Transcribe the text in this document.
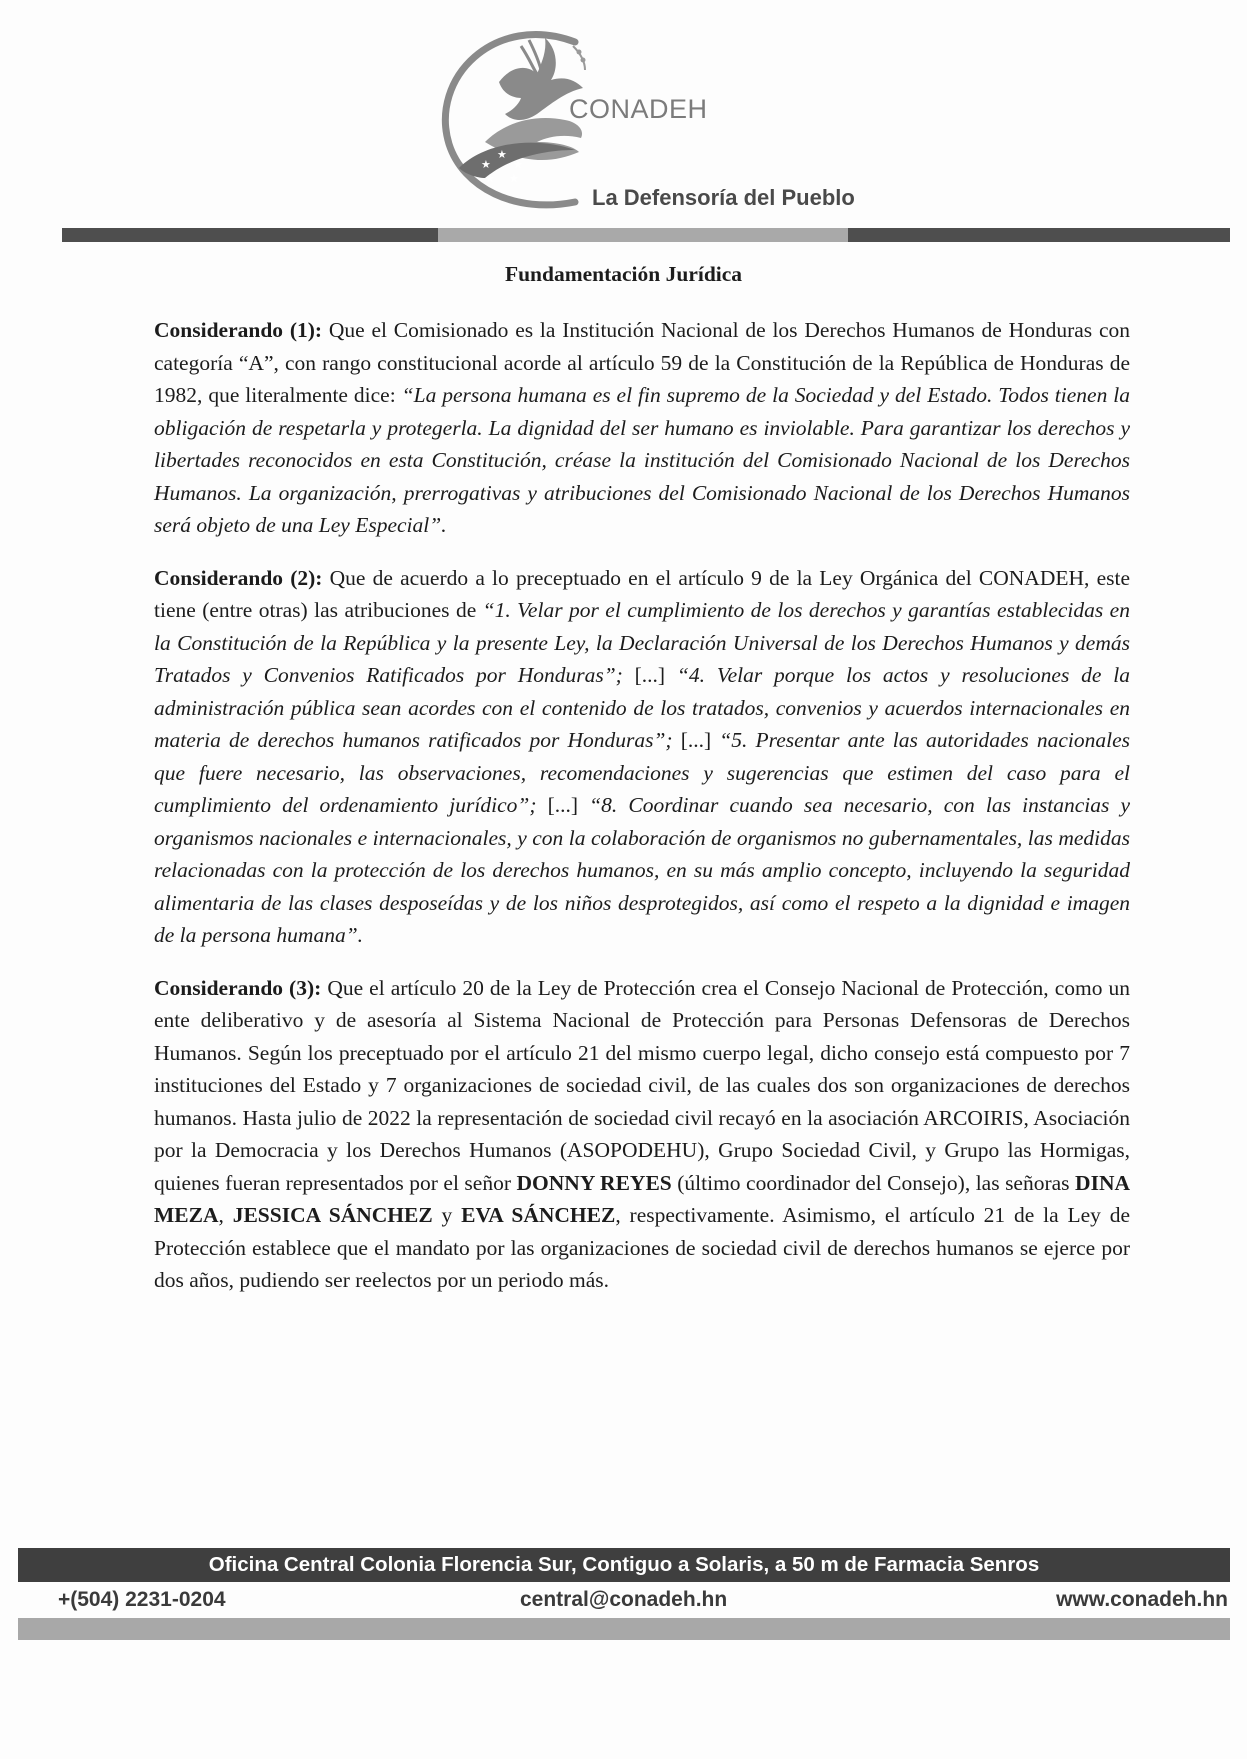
★
★
★
★ ★
CONADEH
La Defensoría del Pueblo
Fundamentación Jurídica

Considerando (1): Que el Comisionado es la Institución Nacional de los Derechos Humanos de Honduras con categoría “A”, con rango constitucional acorde al artículo 59 de la Constitución de la República de Honduras de 1982, que literalmente dice: “La persona humana es el fin supremo de la Sociedad y del Estado. Todos tienen la obligación de respetarla y protegerla. La dignidad del ser humano es inviolable. Para garantizar los derechos y libertades reconocidos en esta Constitución, créase la institución del Comisionado Nacional de los Derechos Humanos. La organización, prerrogativas y atribuciones del Comisionado Nacional de los Derechos Humanos será objeto de una Ley Especial”.

Considerando (2): Que de acuerdo a lo preceptuado en el artículo 9 de la Ley Orgánica del CONADEH, este tiene (entre otras) las atribuciones de “1. Velar por el cumplimiento de los derechos y garantías establecidas en la Constitución de la República y la presente Ley, la Declaración Universal de los Derechos Humanos y demás Tratados y Convenios Ratificados por Honduras”; [...] “4. Velar porque los actos y resoluciones de la administración pública sean acordes con el contenido de los tratados, convenios y acuerdos internacionales en materia de derechos humanos ratificados por Honduras”; [...] “5. Presentar ante las autoridades nacionales que fuere necesario, las observaciones, recomendaciones y sugerencias que estimen del caso para el cumplimiento del ordenamiento jurídico”; [...] “8. Coordinar cuando sea necesario, con las instancias y organismos nacionales e internacionales, y con la colaboración de organismos no gubernamentales, las medidas relacionadas con la protección de los derechos humanos, en su más amplio concepto, incluyendo la seguridad alimentaria de las clases desposeídas y de los niños desprotegidos, así como el respeto a la dignidad e imagen de la persona humana”.

Considerando (3): Que el artículo 20 de la Ley de Protección crea el Consejo Nacional de Protección, como un ente deliberativo y de asesoría al Sistema Nacional de Protección para Personas Defensoras de Derechos Humanos. Según los preceptuado por el artículo 21 del mismo cuerpo legal, dicho consejo está compuesto por 7 instituciones del Estado y 7 organizaciones de sociedad civil, de las cuales dos son organizaciones de derechos humanos. Hasta julio de 2022 la representación de sociedad civil recayó en la asociación ARCOIRIS, Asociación por la Democracia y los Derechos Humanos (ASOPODEHU), Grupo Sociedad Civil, y Grupo las Hormigas, quienes fueran representados por el señor DONNY REYES (último coordinador del Consejo), las señoras DINA MEZA, JESSICA SÁNCHEZ y EVA SÁNCHEZ, respectivamente. Asimismo, el artículo 21 de la Ley de Protección establece que el mandato por las organizaciones de sociedad civil de derechos humanos se ejerce por dos años, pudiendo ser reelectos por un periodo más.

Oficina Central Colonia Florencia Sur, Contiguo a Solaris, a 50 m de Farmacia Senros
+(504) 2231-0204	central@conadeh.hn	www.conadeh.hn
